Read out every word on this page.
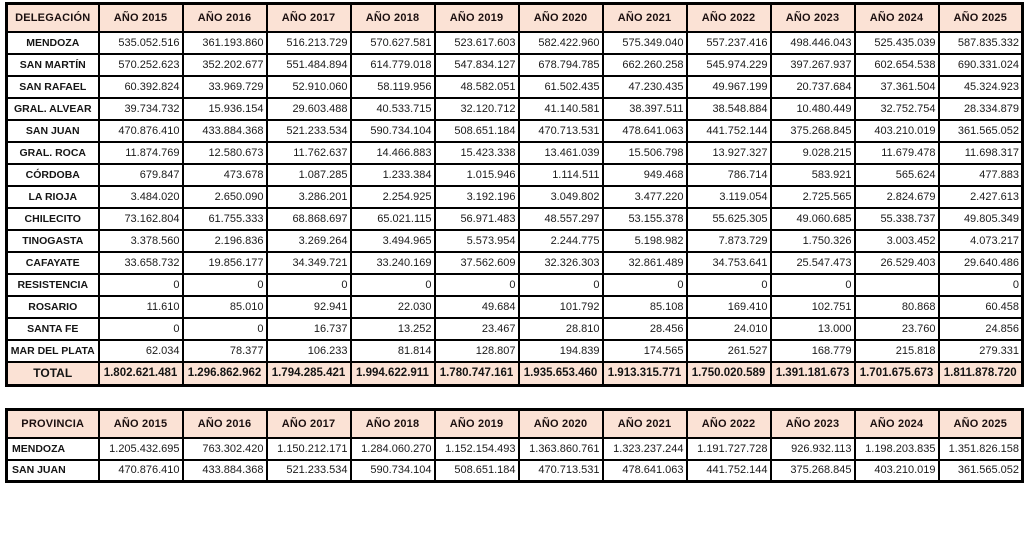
DELEGACIÓN	AÑO 2015	AÑO 2016	AÑO 2017	AÑO 2018	AÑO 2019	AÑO 2020	AÑO 2021	AÑO 2022	AÑO 2023	AÑO 2024	AÑO 2025
MENDOZA	535.052.516	361.193.860	516.213.729	570.627.581	523.617.603	582.422.960	575.349.040	557.237.416	498.446.043	525.435.039	587.835.332
SAN MARTÍN	570.252.623	352.202.677	551.484.894	614.779.018	547.834.127	678.794.785	662.260.258	545.974.229	397.267.937	602.654.538	690.331.024
SAN RAFAEL	60.392.824	33.969.729	52.910.060	58.119.956	48.582.051	61.502.435	47.230.435	49.967.199	20.737.684	37.361.504	45.324.923
GRAL. ALVEAR	39.734.732	15.936.154	29.603.488	40.533.715	32.120.712	41.140.581	38.397.511	38.548.884	10.480.449	32.752.754	28.334.879
SAN JUAN	470.876.410	433.884.368	521.233.534	590.734.104	508.651.184	470.713.531	478.641.063	441.752.144	375.268.845	403.210.019	361.565.052
GRAL. ROCA	11.874.769	12.580.673	11.762.637	14.466.883	15.423.338	13.461.039	15.506.798	13.927.327	9.028.215	11.679.478	11.698.317
CÓRDOBA	679.847	473.678	1.087.285	1.233.384	1.015.946	1.114.511	949.468	786.714	583.921	565.624	477.883
LA RIOJA	3.484.020	2.650.090	3.286.201	2.254.925	3.192.196	3.049.802	3.477.220	3.119.054	2.725.565	2.824.679	2.427.613
CHILECITO	73.162.804	61.755.333	68.868.697	65.021.115	56.971.483	48.557.297	53.155.378	55.625.305	49.060.685	55.338.737	49.805.349
TINOGASTA	3.378.560	2.196.836	3.269.264	3.494.965	5.573.954	2.244.775	5.198.982	7.873.729	1.750.326	3.003.452	4.073.217
CAFAYATE	33.658.732	19.856.177	34.349.721	33.240.169	37.562.609	32.326.303	32.861.489	34.753.641	25.547.473	26.529.403	29.640.486
RESISTENCIA	0	0	0	0	0	0	0	0	0		0
ROSARIO	11.610	85.010	92.941	22.030	49.684	101.792	85.108	169.410	102.751	80.868	60.458
SANTA FE	0	0	16.737	13.252	23.467	28.810	28.456	24.010	13.000	23.760	24.856
MAR DEL PLATA	62.034	78.377	106.233	81.814	128.807	194.839	174.565	261.527	168.779	215.818	279.331
TOTAL	1.802.621.481	1.296.862.962	1.794.285.421	1.994.622.911	1.780.747.161	1.935.653.460	1.913.315.771	1.750.020.589	1.391.181.673	1.701.675.673	1.811.878.720
PROVINCIA	AÑO 2015	AÑO 2016	AÑO 2017	AÑO 2018	AÑO 2019	AÑO 2020	AÑO 2021	AÑO 2022	AÑO 2023	AÑO 2024	AÑO 2025
MENDOZA	1.205.432.695	763.302.420	1.150.212.171	1.284.060.270	1.152.154.493	1.363.860.761	1.323.237.244	1.191.727.728	926.932.113	1.198.203.835	1.351.826.158
SAN JUAN	470.876.410	433.884.368	521.233.534	590.734.104	508.651.184	470.713.531	478.641.063	441.752.144	375.268.845	403.210.019	361.565.052
